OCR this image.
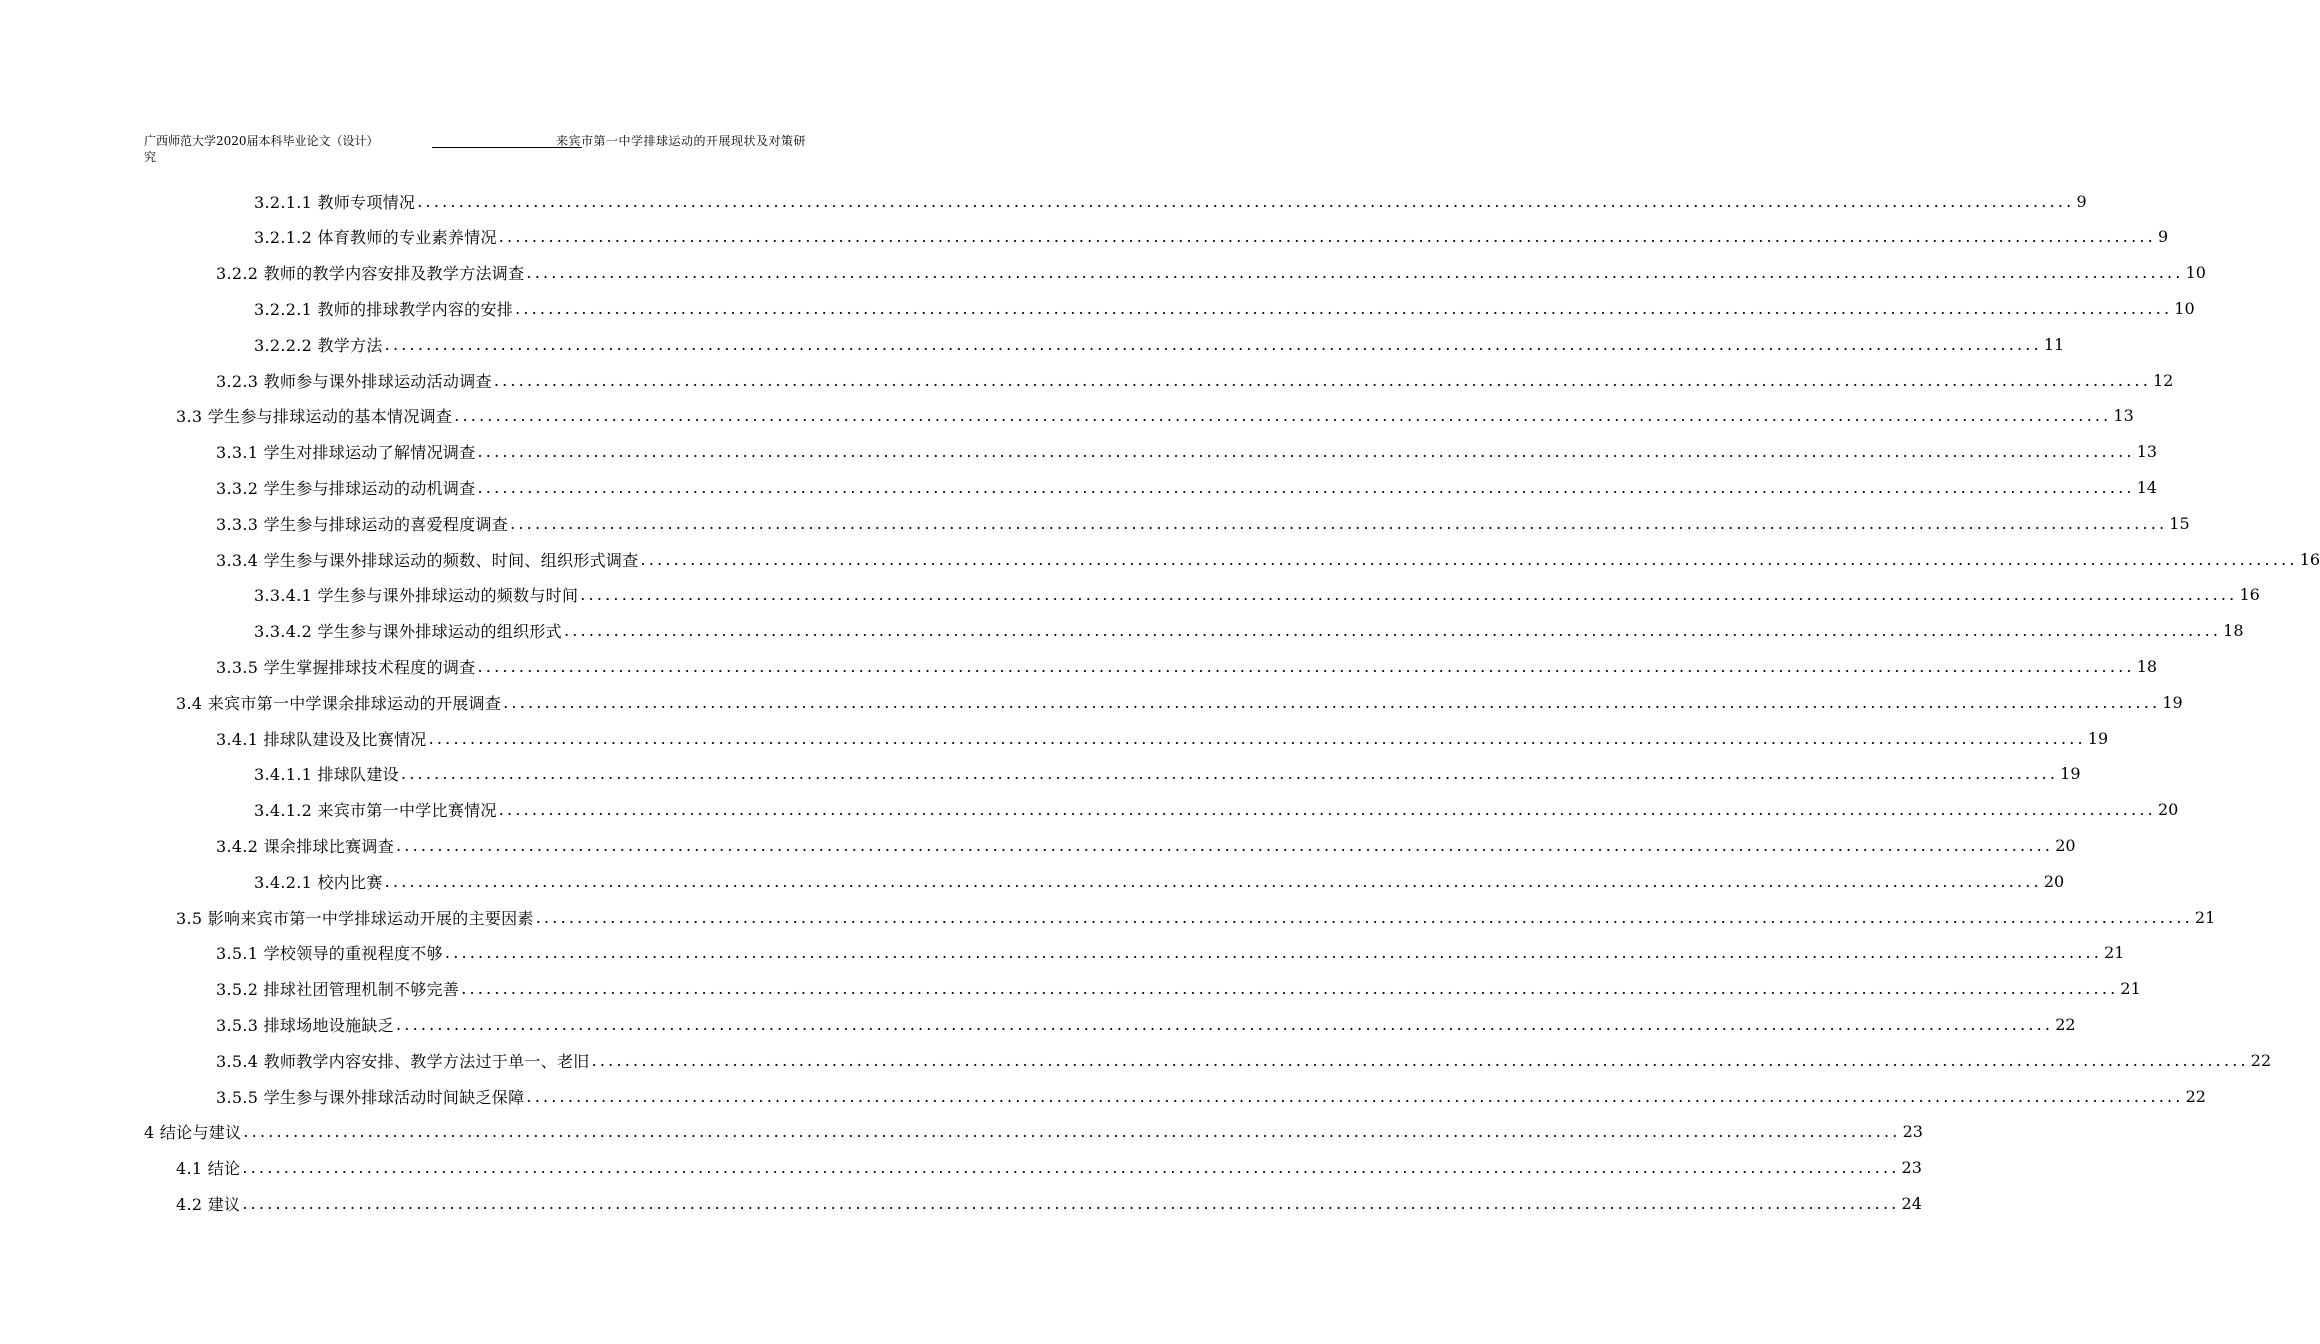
广西师范大学2020届本科毕业论文（设计）	来宾市第一中学排球运动的开展现状及对策研
究
3.2.1.1 教师专项情况 ........................................................................................................................................................................................................ 9
3.2.1.2 体育教师的专业素养情况 ........................................................................................................................................................................................................ 9
3.2.2 教师的教学内容安排及教学方法调查 ........................................................................................................................................................................................................ 10
3.2.2.1 教师的排球教学内容的安排 ........................................................................................................................................................................................................ 10
3.2.2.2 教学方法 ........................................................................................................................................................................................................ 11
3.2.3 教师参与课外排球运动活动调查 ........................................................................................................................................................................................................ 12
3.3 学生参与排球运动的基本情况调查 ........................................................................................................................................................................................................ 13
3.3.1 学生对排球运动了解情况调查 ........................................................................................................................................................................................................ 13
3.3.2 学生参与排球运动的动机调查 ........................................................................................................................................................................................................ 14
3.3.3 学生参与排球运动的喜爱程度调查 ........................................................................................................................................................................................................ 15
3.3.4 学生参与课外排球运动的频数、时间、组织形式调查 ........................................................................................................................................................................................................ 16
3.3.4.1 学生参与课外排球运动的频数与时间 ........................................................................................................................................................................................................ 16
3.3.4.2 学生参与课外排球运动的组织形式 ........................................................................................................................................................................................................ 18
3.3.5 学生掌握排球技术程度的调查 ........................................................................................................................................................................................................ 18
3.4 来宾市第一中学课余排球运动的开展调查 ........................................................................................................................................................................................................ 19
3.4.1 排球队建设及比赛情况 ........................................................................................................................................................................................................ 19
3.4.1.1 排球队建设 ........................................................................................................................................................................................................ 19
3.4.1.2 来宾市第一中学比赛情况 ........................................................................................................................................................................................................ 20
3.4.2 课余排球比赛调查 ........................................................................................................................................................................................................ 20
3.4.2.1 校内比赛 ........................................................................................................................................................................................................ 20
3.5 影响来宾市第一中学排球运动开展的主要因素 ........................................................................................................................................................................................................ 21
3.5.1 学校领导的重视程度不够 ........................................................................................................................................................................................................ 21
3.5.2 排球社团管理机制不够完善 ........................................................................................................................................................................................................ 21
3.5.3 排球场地设施缺乏 ........................................................................................................................................................................................................ 22
3.5.4 教师教学内容安排、教学方法过于单一、老旧 ........................................................................................................................................................................................................ 22
3.5.5 学生参与课外排球活动时间缺乏保障 ........................................................................................................................................................................................................ 22
4 结论与建议 ........................................................................................................................................................................................................ 23
4.1 结论 ........................................................................................................................................................................................................ 23
4.2 建议 ........................................................................................................................................................................................................ 24
